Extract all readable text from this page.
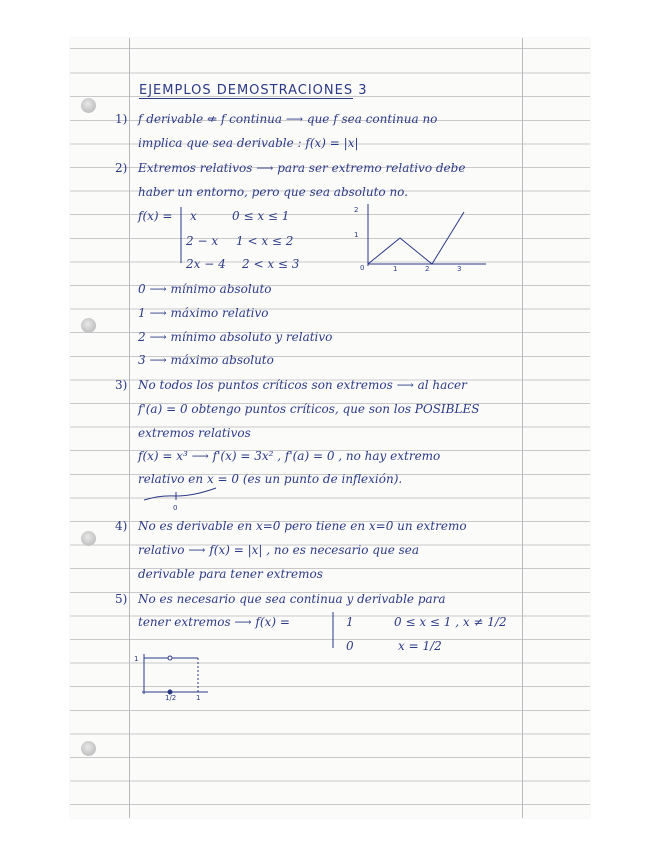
EJEMPLOS DEMOSTRACIONES 3
1) f derivable ⇍ f continua ⟶ que f sea continua no
implica que sea derivable : f(x) = |x|
2) Extremos relativos ⟶ para ser extremo relativo debe
haber un entorno, pero que sea absoluto no.
f(x) = x	0 ≤ x ≤ 1
2 − x 1 < x ≤ 2
2x − 4 2 < x ≤ 3
1
2
0	1	2	3
0 ⟶ mínimo absoluto
1 ⟶ máximo relativo
2 ⟶ mínimo absoluto y relativo
3 ⟶ máximo absoluto
3) No todos los puntos críticos son extremos ⟶ al hacer
f'(a) = 0 obtengo puntos críticos, que son los POSIBLES
extremos relativos
f(x) = x³ ⟶ f'(x) = 3x² , f'(a) = 0 , no hay extremo
relativo en x = 0 (es un punto de inflexión).
0
4) No es derivable en x=0 pero tiene en x=0 un extremo
relativo ⟶ f(x) = |x| , no es necesario que sea
derivable para tener extremos
5) No es necesario que sea continua y derivable para
tener extremos ⟶ f(x) =	1	0 ≤ x ≤ 1 , x ≠ 1/2
0	x = 1/2
1
1/2	1
